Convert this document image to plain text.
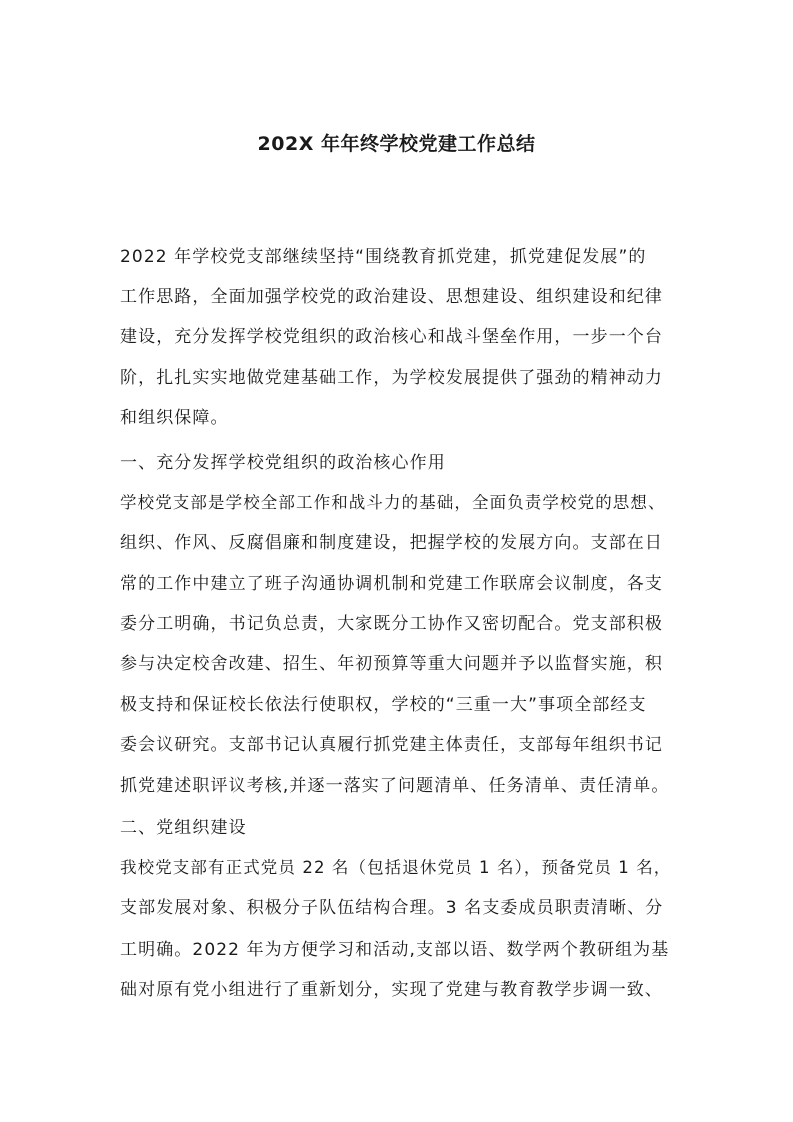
202X 年年终学校党建工作总结
2022 年学校党支部继续坚持“围绕教育抓党建，抓党建促发展”的
工作思路，全面加强学校党的政治建设、思想建设、组织建设和纪律
建设，充分发挥学校党组织的政治核心和战斗堡垒作用，一步一个台
阶，扎扎实实地做党建基础工作，为学校发展提供了强劲的精神动力
和组织保障。
一、充分发挥学校党组织的政治核心作用
学校党支部是学校全部工作和战斗力的基础，全面负责学校党的思想、
组织、作风、反腐倡廉和制度建设，把握学校的发展方向。支部在日
常的工作中建立了班子沟通协调机制和党建工作联席会议制度，各支
委分工明确，书记负总责，大家既分工协作又密切配合。党支部积极
参与决定校舍改建、招生、年初预算等重大问题并予以监督实施，积
极支持和保证校长依法行使职权，学校的“三重一大”事项全部经支
委会议研究。支部书记认真履行抓党建主体责任，支部每年组织书记
抓党建述职评议考核,并逐一落实了问题清单、任务清单、责任清单。
二、党组织建设
我校党支部有正式党员 22 名（包括退休党员 1 名），预备党员 1 名，
支部发展对象、积极分子队伍结构合理。3 名支委成员职责清晰、分
工明确。2022 年为方便学习和活动,支部以语、数学两个教研组为基
础对原有党小组进行了重新划分，实现了党建与教育教学步调一致、
